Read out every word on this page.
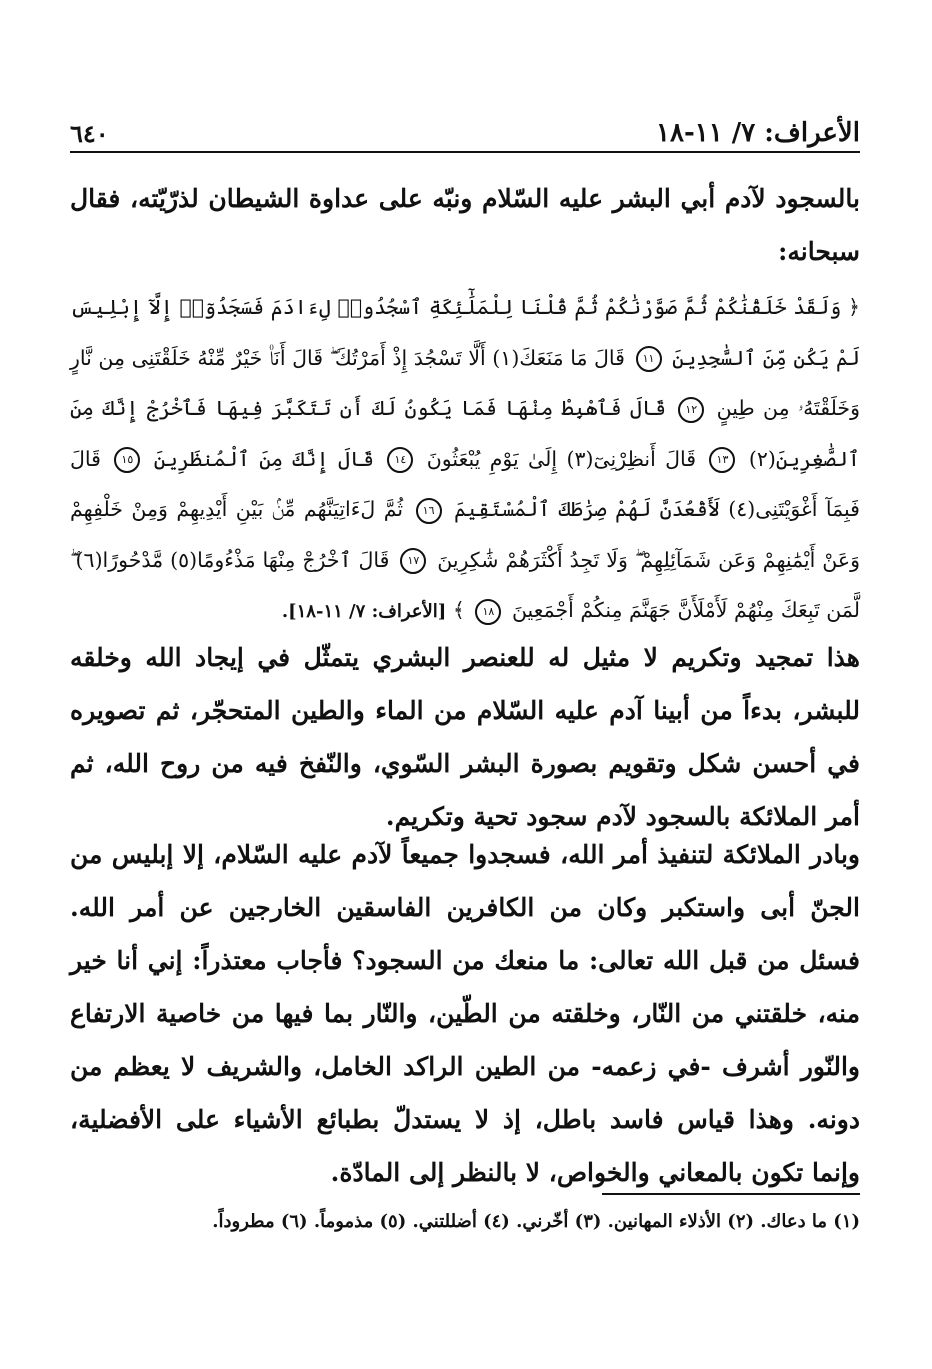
الأعراف: ٧/ ١١-١٨
٦٤٠
بالسجود لآدم أبي البشر عليه السّلام ونبّه على عداوة الشيطان لذرّيّته، فقال سبحانه:
﴿ وَلَقَدْ خَلَقْنَٰكُمْ ثُمَّ صَوَّرْنَٰكُمْ ثُمَّ قُلْنَا لِلْمَلَٰٓئِكَةِ ٱسْجُدُوا۟ لِءَادَمَ فَسَجَدُوٓا۟ إِلَّآ إِبْلِيسَ لَمْ يَكُن مِّنَ ٱلسَّٰجِدِينَ ١١ قَالَ مَا مَنَعَكَ(١) أَلَّا تَسْجُدَ إِذْ أَمَرْتُكَ ۖ قَالَ أَنَا۠ خَيْرٌ مِّنْهُ خَلَقْتَنِى مِن نَّارٍ وَخَلَقْتَهُۥ مِن طِينٍ ١٢ قَالَ فَٱهْبِطْ مِنْهَا فَمَا يَكُونُ لَكَ أَن تَتَكَبَّرَ فِيهَا فَٱخْرُجْ إِنَّكَ مِنَ ٱلصَّٰغِرِينَ(٢) ١٣ قَالَ أَنظِرْنِىٓ(٣) إِلَىٰ يَوْمِ يُبْعَثُونَ ١٤ قَالَ إِنَّكَ مِنَ ٱلْمُنظَرِينَ ١٥ قَالَ فَبِمَآ أَغْوَيْتَنِى(٤) لَأَقْعُدَنَّ لَهُمْ صِرَٰطَكَ ٱلْمُسْتَقِيمَ ١٦ ثُمَّ لَءَاتِيَنَّهُم مِّنۢ بَيْنِ أَيْدِيهِمْ وَمِنْ خَلْفِهِمْ وَعَنْ أَيْمَٰنِهِمْ وَعَن شَمَآئِلِهِمْ ۖ وَلَا تَجِدُ أَكْثَرَهُمْ شَٰكِرِينَ ١٧ قَالَ ٱخْرُجْ مِنْهَا مَذْءُومًا(٥) مَّدْحُورًا(٦) ۖ لَّمَن تَبِعَكَ مِنْهُمْ لَأَمْلَأَنَّ جَهَنَّمَ مِنكُمْ أَجْمَعِينَ ١٨ ﴾ [الأعراف: ٧/ ١١-١٨].
هذا تمجيد وتكريم لا مثيل له للعنصر البشري يتمثّل في إيجاد الله وخلقه للبشر، بدءاً من أبينا آدم عليه السّلام من الماء والطين المتحجّر، ثم تصويره في أحسن شكل وتقويم بصورة البشر السّوي، والنّفخ فيه من روح الله، ثم أمر الملائكة بالسجود لآدم سجود تحية وتكريم.
وبادر الملائكة لتنفيذ أمر الله، فسجدوا جميعاً لآدم عليه السّلام، إلا إبليس من الجنّ أبى واستكبر وكان من الكافرين الفاسقين الخارجين عن أمر الله. فسئل من قبل الله تعالى: ما منعك من السجود؟ فأجاب معتذراً: إني أنا خير منه، خلقتني من النّار، وخلقته من الطّين، والنّار بما فيها من خاصية الارتفاع والنّور أشرف -في زعمه- من الطين الراكد الخامل، والشريف لا يعظم من دونه. وهذا قياس فاسد باطل، إذ لا يستدلّ بطبائع الأشياء على الأفضلية، وإنما تكون بالمعاني والخواص، لا بالنظر إلى المادّة.
(١) ما دعاك. (٢) الأذلاء المهانين. (٣) أخّرني. (٤) أضللتني. (٥) مذموماً. (٦) مطروداً.
